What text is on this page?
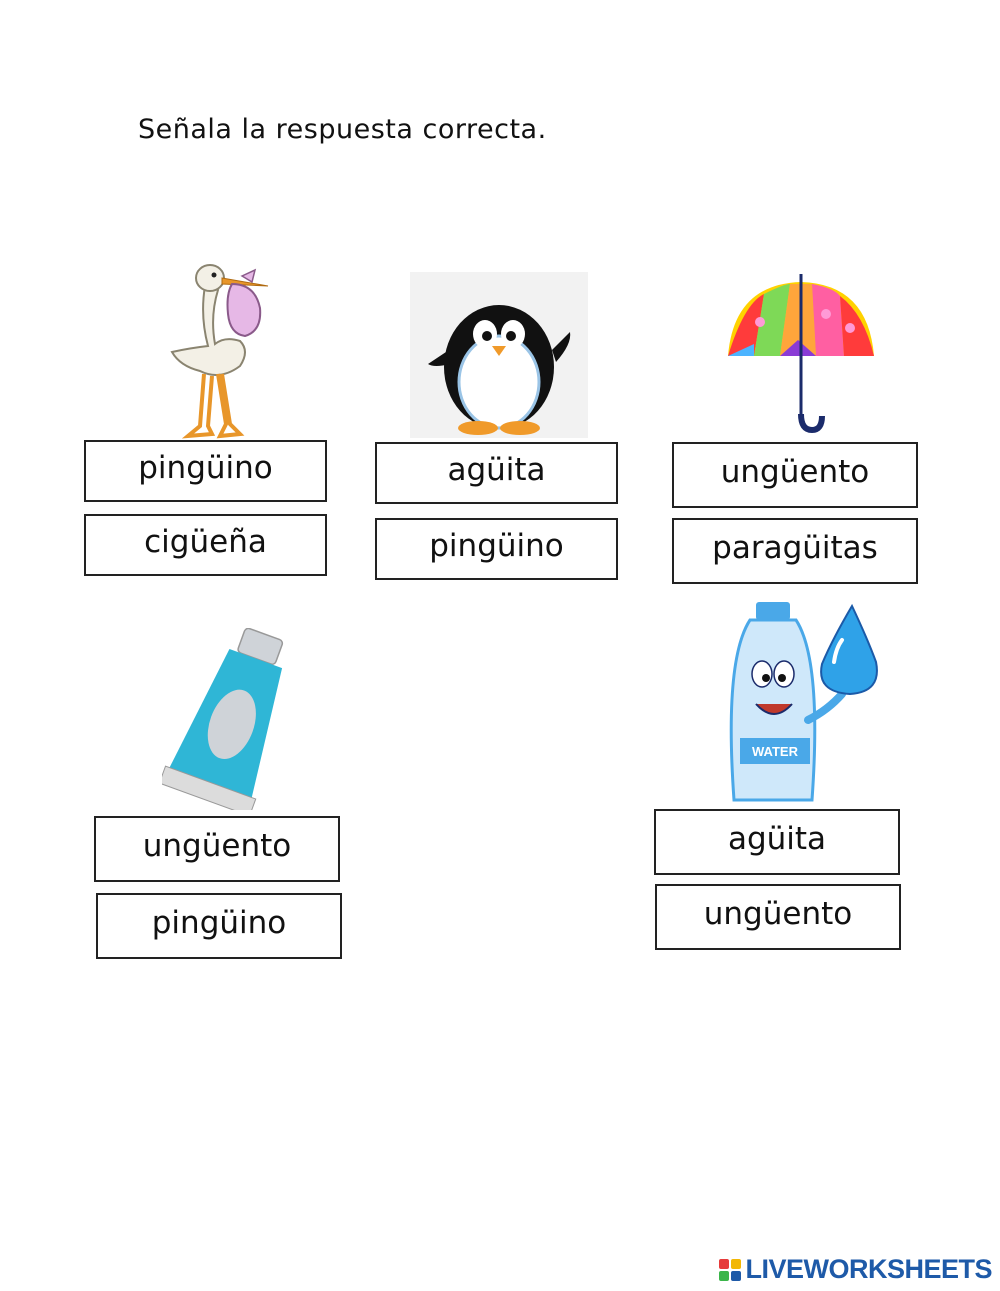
Señala la respuesta correcta.
pingüino
cigüeña
agüita
pingüino
ungüento
paragüitas
ungüento
pingüino
WATER
agüita
ungüento
LIVEWORKSHEETS
